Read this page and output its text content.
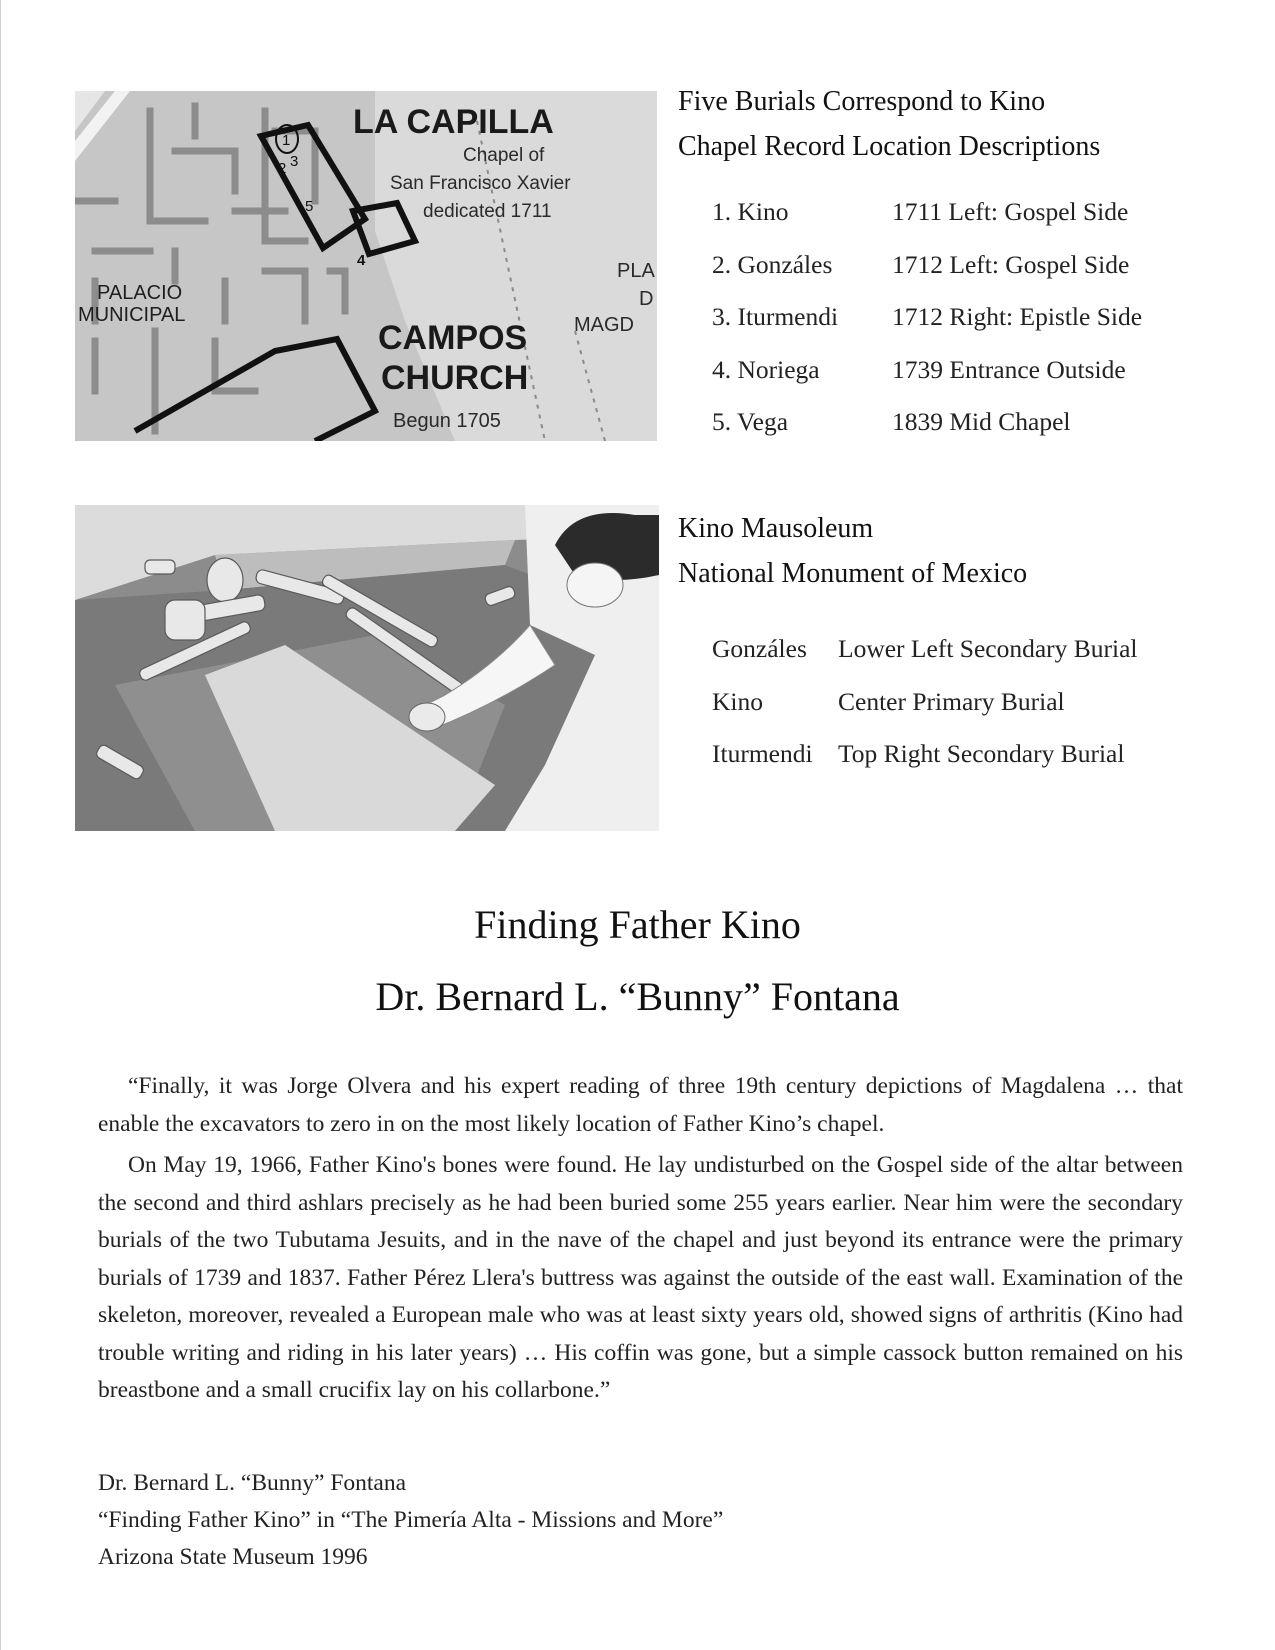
1
2 3
4
5
LA CAPILLA
Chapel of
San Francisco Xavier
dedicated 1711
PALACIO
MUNICIPAL
CAMPOS
CHURCH
Begun 1705
PLA
D
MAGD
Five Burials Correspond to Kino
Chapel Record Location Descriptions
1. Kino	1711 Left: Gospel Side
2. Gonzáles	1712 Left: Gospel Side
3. Iturmendi	1712 Right: Epistle Side
4. Noriega	1739 Entrance Outside
5. Vega	1839 Mid Chapel
Kino Mausoleum
National Monument of Mexico
Gonzáles	Lower Left Secondary Burial
Kino	Center Primary Burial
Iturmendi	Top Right Secondary Burial
Finding Father Kino
Dr. Bernard L. “Bunny” Fontana

“Finally, it was Jorge Olvera and his expert reading of three 19th century depictions of Magdalena … that enable the excavators to zero in on the most likely location of Father Kino’s chapel.

On May 19, 1966, Father Kino's bones were found. He lay undisturbed on the Gospel side of the altar between the second and third ashlars precisely as he had been buried some 255 years earlier. Near him were the secondary burials of the two Tubutama Jesuits, and in the nave of the chapel and just beyond its entrance were the primary burials of 1739 and 1837. Father Pérez Llera's buttress was against the outside of the east wall. Examination of the skeleton, moreover, revealed a European male who was at least sixty years old, showed signs of arthritis (Kino had trouble writing and riding in his later years) … His coffin was gone, but a simple cassock button remained on his breastbone and a small crucifix lay on his collarbone.”

Dr. Bernard L. “Bunny” Fontana
“Finding Father Kino” in “The Pimería Alta - Missions and More”
Arizona State Museum 1996
